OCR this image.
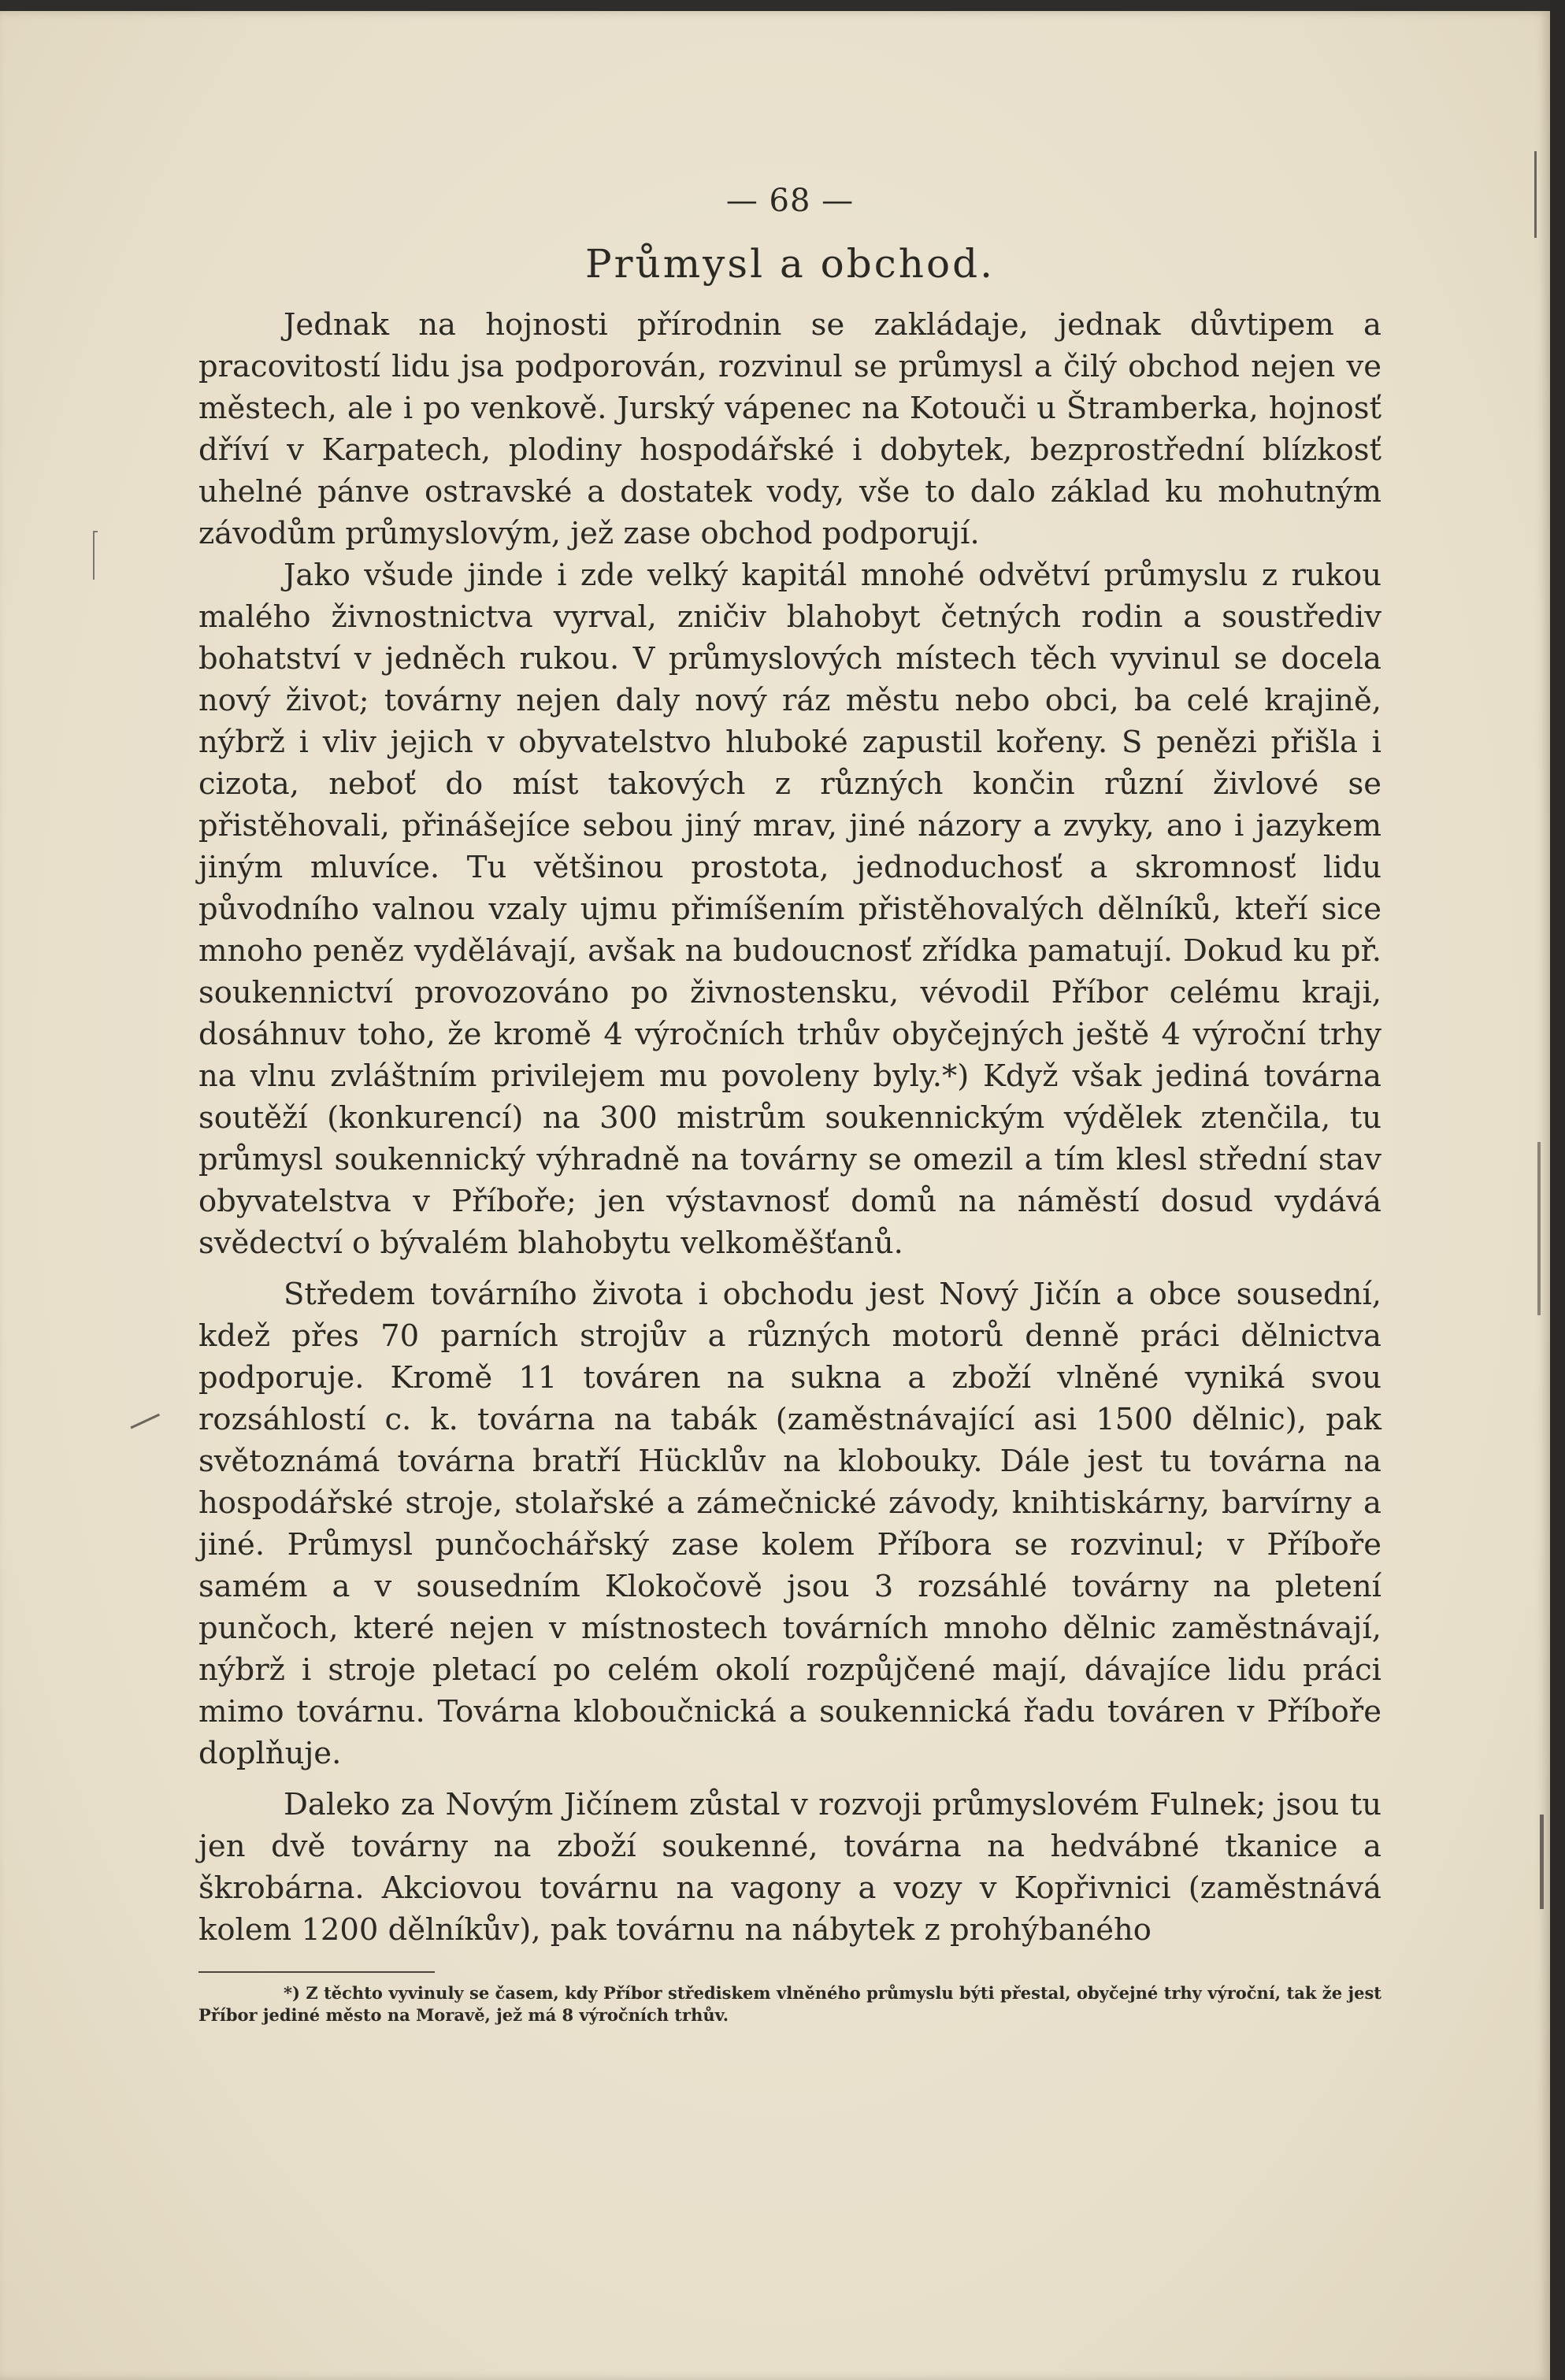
— 68 —
Průmysl a obchod.

Jednak na hojnosti přírodnin se zakládaje, jednak důvtipem a pracovitostí lidu jsa podporován, rozvinul se průmysl a čilý obchod nejen ve městech, ale i po venkově. Jurský vápenec na Kotouči u Štramberka, hojnosť dříví v Karpatech, plodiny hospodářské i dobytek, bezprostřední blízkosť uhelné pánve ostravské a dostatek vody, vše to dalo základ ku mohutným závodům průmyslovým, jež zase obchod podporují.

Jako všude jinde i zde velký kapitál mnohé odvětví průmyslu z rukou malého živnostnictva vyrval, zničiv blahobyt četných rodin a soustřediv bohatství v jedněch rukou. V průmyslových místech těch vyvinul se docela nový život; továrny nejen daly nový ráz městu nebo obci, ba celé krajině, nýbrž i vliv jejich v obyvatelstvo hluboké zapustil kořeny. S penězi přišla i cizota, neboť do míst takových z různých končin různí živlové se přistěhovali, přinášejíce sebou jiný mrav, jiné názory a zvyky, ano i jazykem jiným mluvíce. Tu většinou prostota, jednoduchosť a skromnosť lidu původního valnou vzaly ujmu přimíšením přistěhovalých dělníků, kteří sice mnoho peněz vydělávají, avšak na budoucnosť zřídka pamatují. Dokud ku př. soukennictví provozováno po živnostensku, vévodil Příbor celému kraji, dosáhnuv toho, že kromě 4 výročních trhův obyčejných ještě 4 výroční trhy na vlnu zvláštním privilejem mu povoleny byly.*) Když však jediná továrna soutěží (konkurencí) na 300 mistrům soukennickým výdělek ztenčila, tu průmysl soukennický výhradně na továrny se omezil a tím klesl střední stav obyvatelstva v Příboře; jen výstavnosť domů na náměstí dosud vydává svědectví o bývalém blahobytu velkoměšťanů.

Středem továrního života i obchodu jest Nový Jičín a obce sousední, kdež přes 70 parních strojův a různých motorů denně práci dělnictva podporuje. Kromě 11 továren na sukna a zboží vlněné vyniká svou rozsáhlostí c. k. továrna na tabák (zaměstnávající asi 1500 dělnic), pak světoznámá továrna bratří Hücklův na klobouky. Dále jest tu továrna na hospodářské stroje, stolařské a zámečnické závody, knihtiskárny, barvírny a jiné. Průmysl punčochářský zase kolem Příbora se rozvinul; v Příboře samém a v sousedním Klokočově jsou 3 rozsáhlé továrny na pletení punčoch, které nejen v místnostech továrních mnoho dělnic zaměstnávají, nýbrž i stroje pletací po celém okolí rozpůjčené mají, dávajíce lidu práci mimo továrnu. Továrna kloboučnická a soukennická řadu továren v Příboře doplňuje.

Daleko za Novým Jičínem zůstal v rozvoji průmyslovém Fulnek; jsou tu jen dvě továrny na zboží soukenné, továrna na hedvábné tkanice a škrobárna. Akciovou továrnu na vagony a vozy v Kopřivnici (zaměstnává kolem 1200 dělníkův), pak továrnu na nábytek z prohýbaného

*) Z těchto vyvinuly se časem, kdy Příbor střediskem vlněného průmyslu býti přestal, obyčejné trhy výroční, tak že jest Příbor jediné město na Moravě, jež má 8 výročních trhův.
